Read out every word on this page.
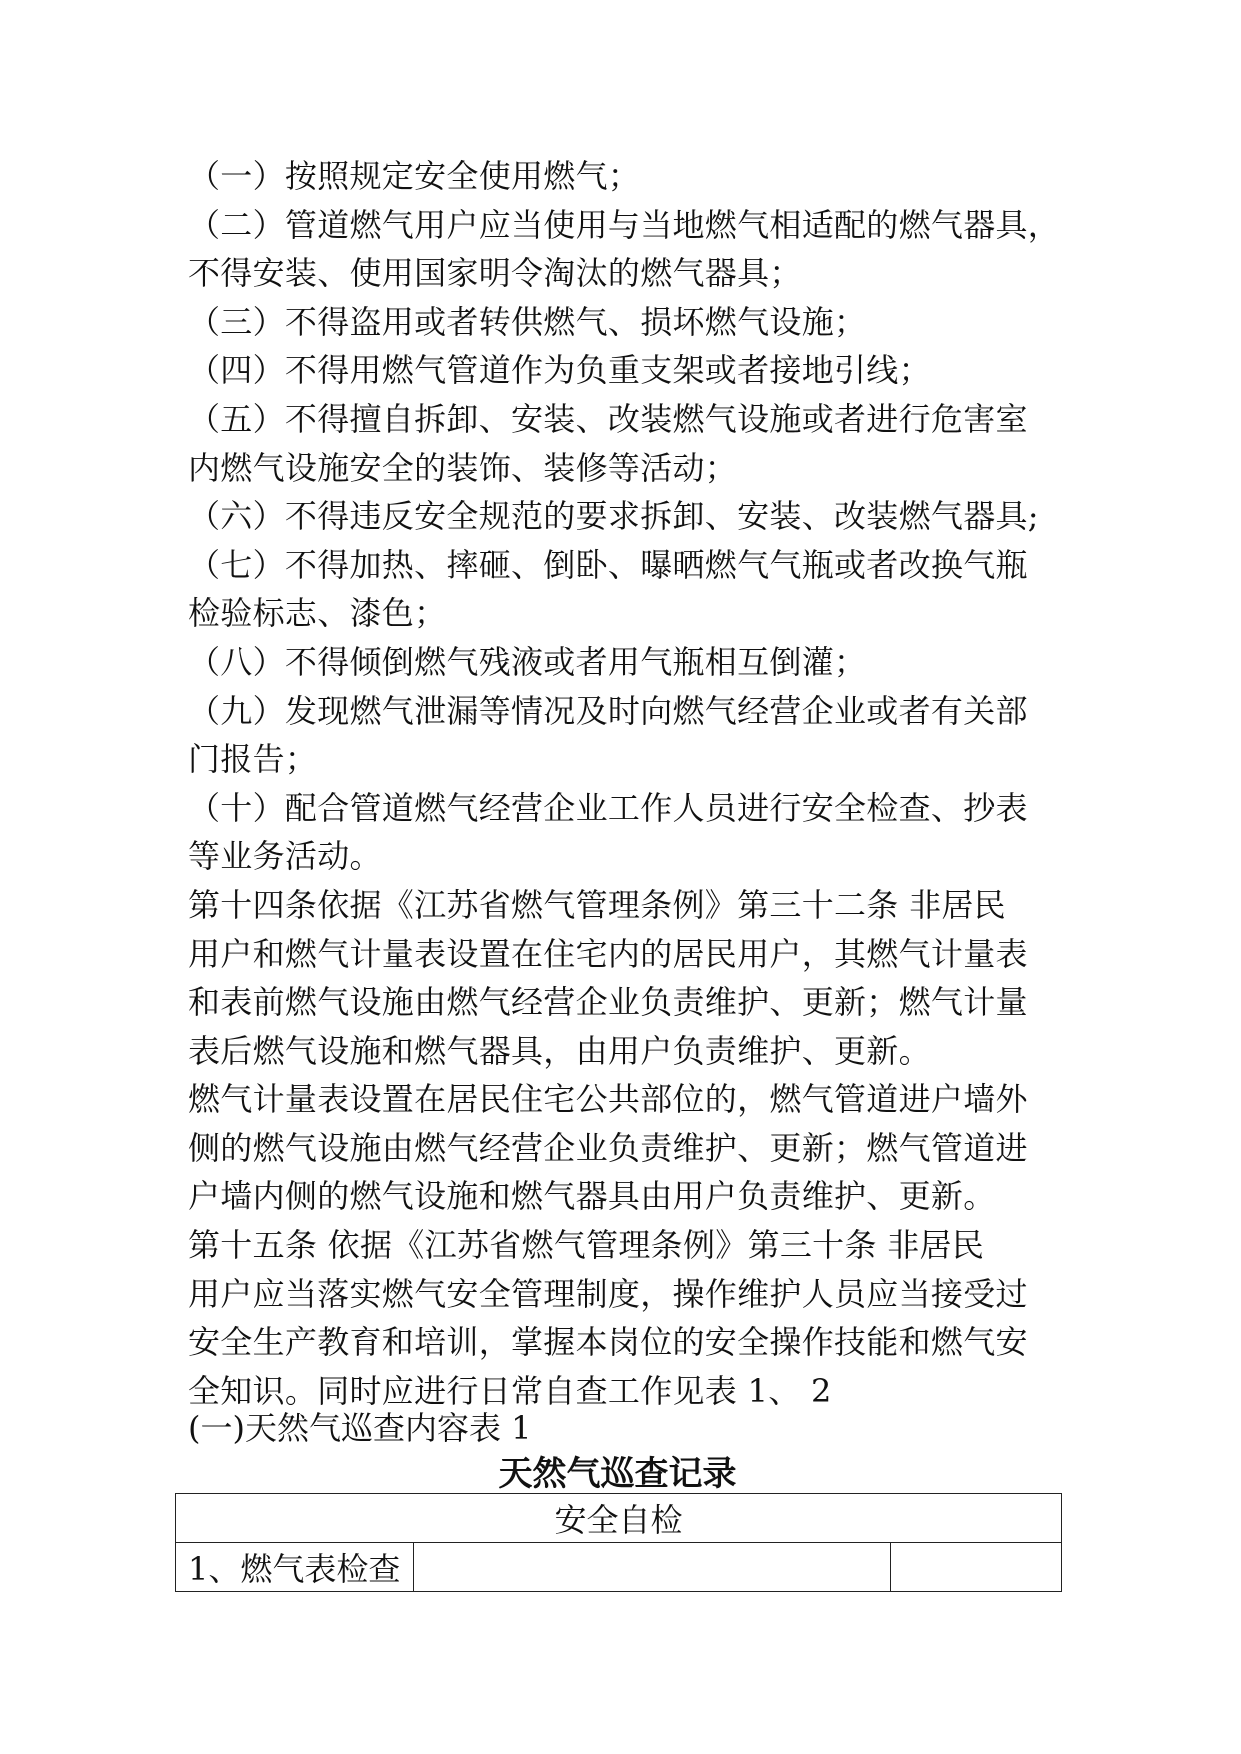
（一）按照规定安全使用燃气；
（二）管道燃气用户应当使用与当地燃气相适配的燃气器具，
不得安装、使用国家明令淘汰的燃气器具；
（三）不得盗用或者转供燃气、损坏燃气设施；
（四）不得用燃气管道作为负重支架或者接地引线；
（五）不得擅自拆卸、安装、改装燃气设施或者进行危害室
内燃气设施安全的装饰、装修等活动；
（六）不得违反安全规范的要求拆卸、安装、改装燃气器具;
（七）不得加热、摔砸、倒卧、曝晒燃气气瓶或者改换气瓶
检验标志、漆色；
（八）不得倾倒燃气残液或者用气瓶相互倒灌；
（九）发现燃气泄漏等情况及时向燃气经营企业或者有关部
门报告；
（十）配合管道燃气经营企业工作人员进行安全检查、抄表
等业务活动。
第十四条依据《江苏省燃气管理条例》第三十二条 非居民
用户和燃气计量表设置在住宅内的居民用户，其燃气计量表
和表前燃气设施由燃气经营企业负责维护、更新；燃气计量
表后燃气设施和燃气器具，由用户负责维护、更新。
燃气计量表设置在居民住宅公共部位的，燃气管道进户墙外
侧的燃气设施由燃气经营企业负责维护、更新；燃气管道进
户墙内侧的燃气设施和燃气器具由用户负责维护、更新。
第十五条 依据《江苏省燃气管理条例》第三十条 非居民
用户应当落实燃气安全管理制度，操作维护人员应当接受过
安全生产教育和培训，掌握本岗位的安全操作技能和燃气安
全知识。同时应进行日常自查工作见表 1、 2
(一)天然气巡查内容表 1
天然气巡查记录
安全自检
1、燃气表检查		
